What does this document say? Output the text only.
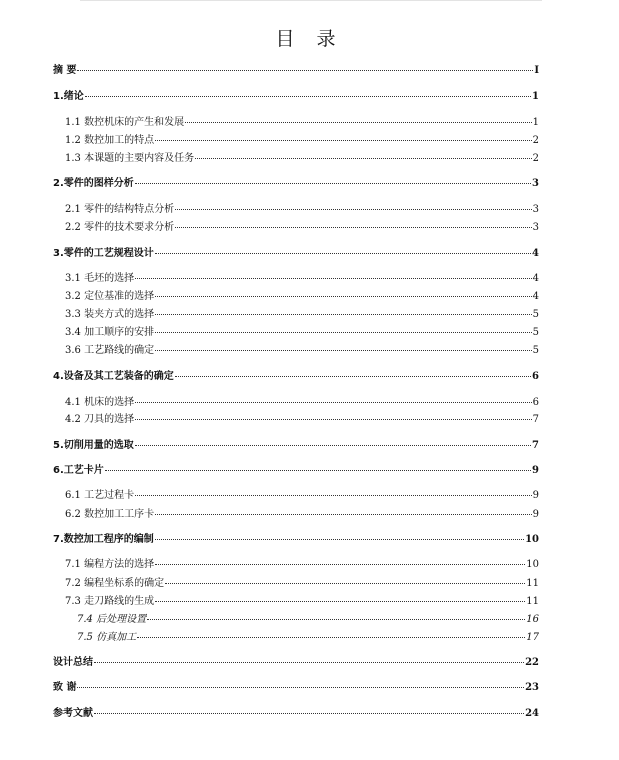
目 录
摘 要	I
1.绪论	1
1.1 数控机床的产生和发展	1
1.2 数控加工的特点	2
1.3 本课题的主要内容及任务	2
2.零件的图样分析	3
2.1 零件的结构特点分析	3
2.2 零件的技术要求分析	3
3.零件的工艺规程设计	4
3.1 毛坯的选择	4
3.2 定位基准的选择	4
3.3 装夹方式的选择	5
3.4 加工顺序的安排	5
3.6 工艺路线的确定	5
4.设备及其工艺装备的确定	6
4.1 机床的选择	6
4.2 刀具的选择	7
5.切削用量的选取	7
6.工艺卡片	9
6.1 工艺过程卡	9
6.2 数控加工工序卡	9
7.数控加工程序的编制	10
7.1 编程方法的选择	10
7.2 编程坐标系的确定	11
7.3 走刀路线的生成	11
7.4 后处理设置	16
7.5 仿真加工	17
设计总结	22
致 谢	23
参考文献	24
